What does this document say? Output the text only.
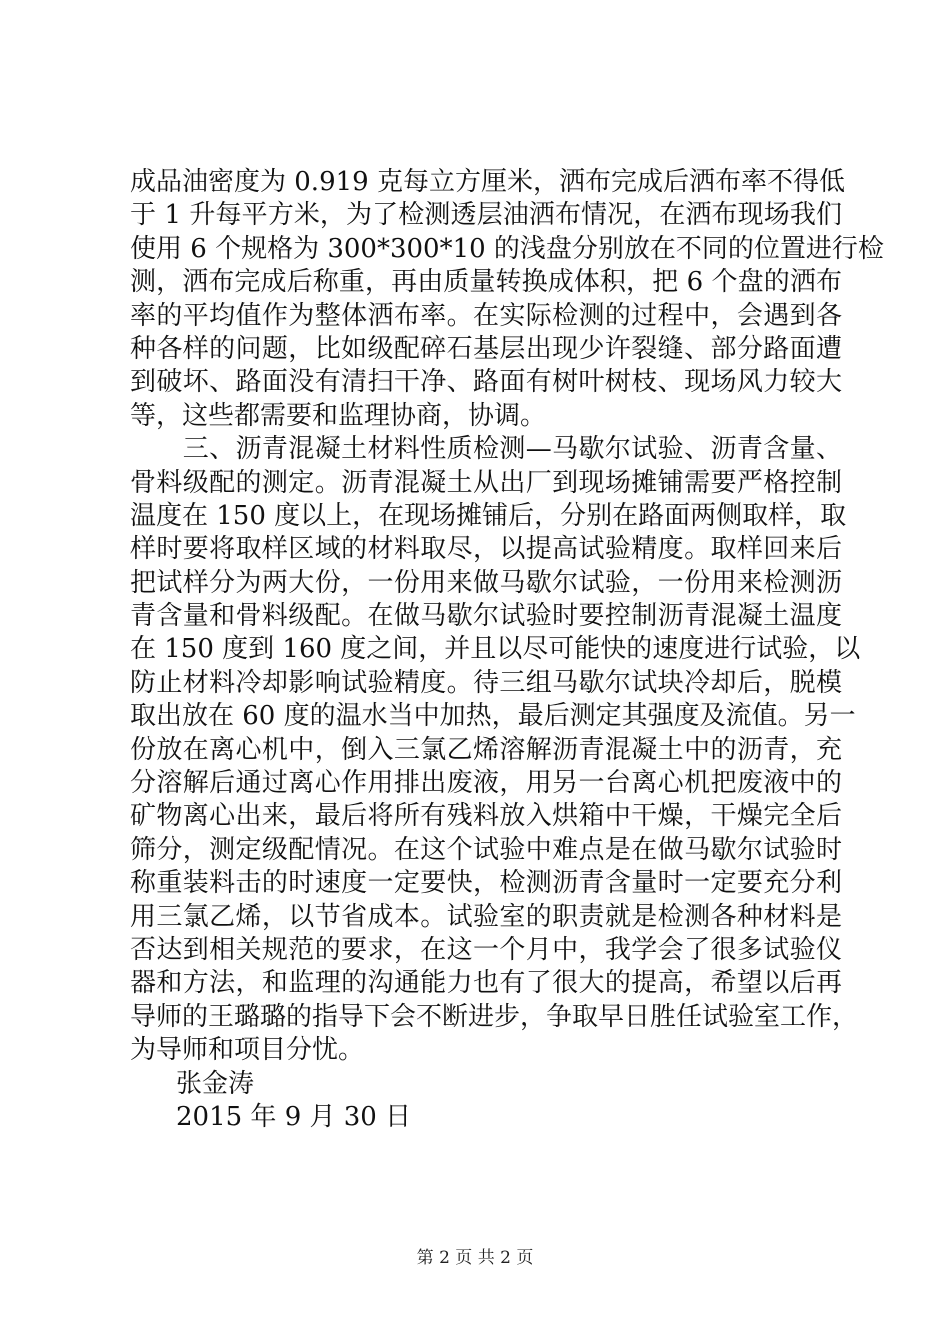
成品油密度为 0.919 克每立方厘米，洒布完成后洒布率不得低
于 1 升每平方米，为了检测透层油洒布情况，在洒布现场我们
使用 6 个规格为 300*300*10 的浅盘分别放在不同的位置进行检
测，洒布完成后称重，再由质量转换成体积，把 6 个盘的洒布
率的平均值作为整体洒布率。在实际检测的过程中，会遇到各
种各样的问题，比如级配碎石基层出现少许裂缝、部分路面遭
到破坏、路面没有清扫干净、路面有树叶树枝、现场风力较大
等，这些都需要和监理协商，协调。
　　三、沥青混凝土材料性质检测—马歇尔试验、沥青含量、
骨料级配的测定。沥青混凝土从出厂到现场摊铺需要严格控制
温度在 150 度以上，在现场摊铺后，分别在路面两侧取样，取
样时要将取样区域的材料取尽，以提高试验精度。取样回来后
把试样分为两大份，一份用来做马歇尔试验，一份用来检测沥
青含量和骨料级配。在做马歇尔试验时要控制沥青混凝土温度
在 150 度到 160 度之间，并且以尽可能快的速度进行试验，以
防止材料冷却影响试验精度。待三组马歇尔试块冷却后，脱模
取出放在 60 度的温水当中加热，最后测定其强度及流值。另一
份放在离心机中，倒入三氯乙烯溶解沥青混凝土中的沥青，充
分溶解后通过离心作用排出废液，用另一台离心机把废液中的
矿物离心出来，最后将所有残料放入烘箱中干燥，干燥完全后
筛分，测定级配情况。在这个试验中难点是在做马歇尔试验时
称重装料击的时速度一定要快，检测沥青含量时一定要充分利
用三氯乙烯，以节省成本。试验室的职责就是检测各种材料是
否达到相关规范的要求，在这一个月中，我学会了很多试验仪
器和方法，和监理的沟通能力也有了很大的提高，希望以后再
导师的王璐璐的指导下会不断进步，争取早日胜任试验室工作，
为导师和项目分忧。
张金涛
2015 年 9 月 30 日
第 2 页 共 2 页
